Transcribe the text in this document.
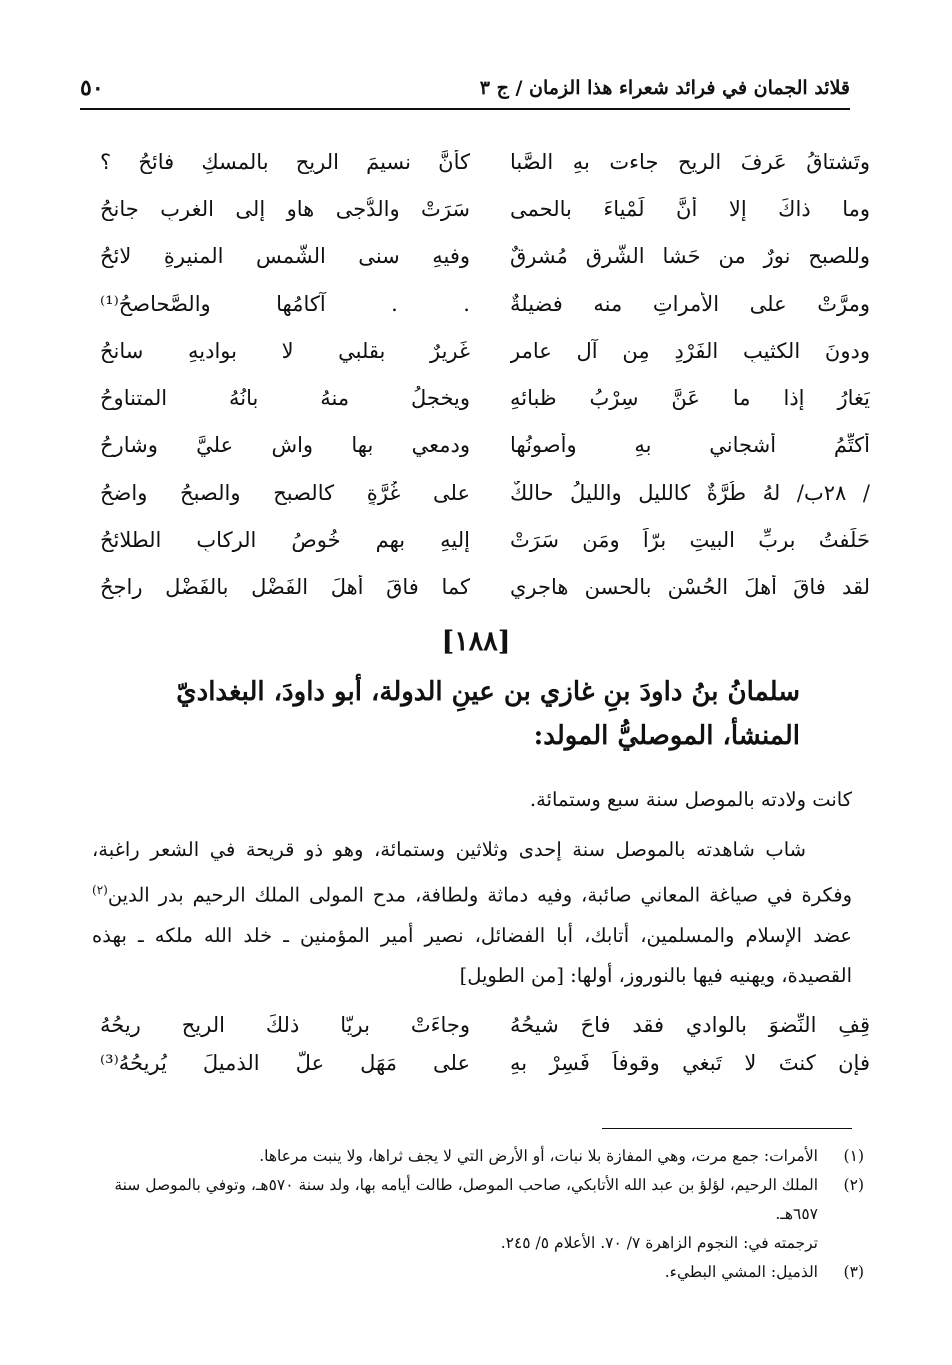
قلائد الجمان في فرائد شعراء هذا الزمان / ج ٣
٥٠
وتَشتاقُ عَرفَ الريحِ جاءت بهِ الصَّبا
كأنَّ نسيمَ الريحِ بالمسكِ فائحُ ؟
وما ذاكَ إلا أنَّ لَمْياءَ بالحمى
سَرَتْ والدُّجى هاوٍ إلى الغربِ جانحُ
وللصبحِ نورٌ من حَشا الشَّرقِ مُشرِقٌ
وفيهِ سنى الشَّمسِ المنيرةِ لائحُ
ومرَّتْ على الأمراتِ منه فضيلةٌ
. . آكامُها والصَّحاصحُ⁽¹⁾
ودونَ الكثيبِ الفَرْدِ مِن آلِ عامرٍ
غَريرٌ بقلبي لا بواديهِ سانحُ
يَغارُ إذا ما عَنَّ سِرْبُ ظبائهِ
ويخجلُ منهُ بانُهُ المتناوحُ
أُكتِّمُ أشجاني بهِ وأصونُها
ودمعي بها واشٍ عليَّ وشارحُ
/ ٢٨ب/ لهُ طُرَّةٌ كالليلِ والليلُ حالكٌ
على غُرَّةٍ كالصبحِ والصبحُ واضحُ
حَلَفتُ بربِّ البيتِ برّاً ومَن سَرَتْ
إليهِ بهم خُوصُ الركابِ الطلائحُ
لقد فاقَ أهلَ الحُسْنِ بالحسنِ هاجري
كما فاقَ أهلَ الفَضْلِ بالفَضْلِ راجحُ
[١٨٨]
سلمانُ بنُ داودَ بنِ غازي بن عينِ الدولة، أبو داودَ، البغداديّ
المنشأ، الموصليُّ المولد:
كانت ولادته بالموصل سنة سبع وستمائة.
شاب شاهدته بالموصل سنة إحدى وثلاثين وستمائة، وهو ذو قريحة في الشعر راغبة، وفكرة في صياغة المعاني صائبة، وفيه دماثة ولطافة، مدح المولى الملك الرحيم بدر الدين$^{(٢)}$ عضد الإسلام والمسلمين، أتابك، أبا الفضائل، نصير أمير المؤمنين ـ خلد الله ملكه ـ بهذه القصيدة، ويهنيه فيها بالنوروز، أولها: [من الطويل]
قِفِ النِّضوَ بالوادي فقد فاحَ شيحُهُ
وجاءَتْ بريّا ذلكَ الريحِ ريحُهُ
فإن كنتَ لا تَبغي وقوفاً فَسِرْ بهِ
على مَهَلٍ علَّ الذميلَ يُريحُهُ⁽³⁾
(١)
الأمرات: جمع مرت، وهي المفازة بلا نبات، أو الأرض التي لا يجف ثراها، ولا ينبت مرعاها.
(٢)
الملك الرحيم، لؤلؤ بن عبد الله الأتابكي، صاحب الموصل، طالت أيامه بها، ولد سنة ٥٧٠هـ، وتوفي بالموصل سنة ٦٥٧هـ.
ترجمته في: النجوم الزاهرة ٧/ ٧٠. الأعلام ٥/ ٢٤٥.
(٣)
الذميل: المشي البطيء.
